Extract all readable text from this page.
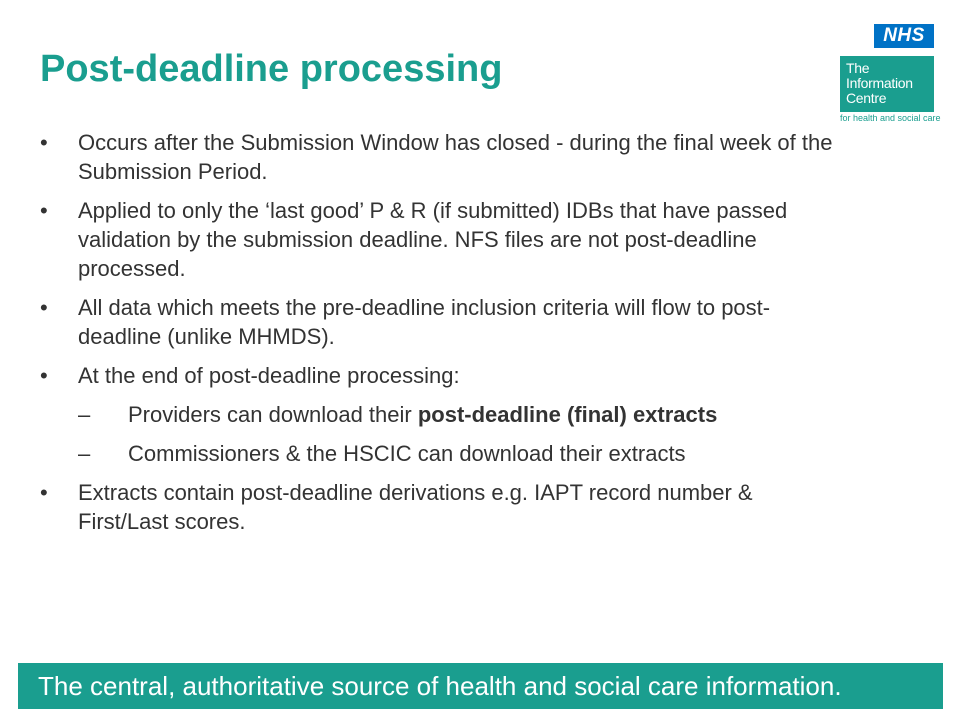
Post-deadline processing
NHS
The
Information
Centre
for health and social care
•	Occurs after the Submission Window has closed - during the final week of the Submission Period.
•	Applied to only the ‘last good’ P & R (if submitted) IDBs that have passed validation by the submission deadline. NFS files are not post-deadline processed.
•	All data which meets the pre-deadline inclusion criteria will flow to post-deadline (unlike MHMDS).
•	At the end of post-deadline processing:
– Providers can download their post-deadline (final) extracts
– Commissioners & the HSCIC can download their extracts
•	Extracts contain post-deadline derivations e.g. IAPT record number & First/Last scores.
The central, authoritative source of health and social care information.
